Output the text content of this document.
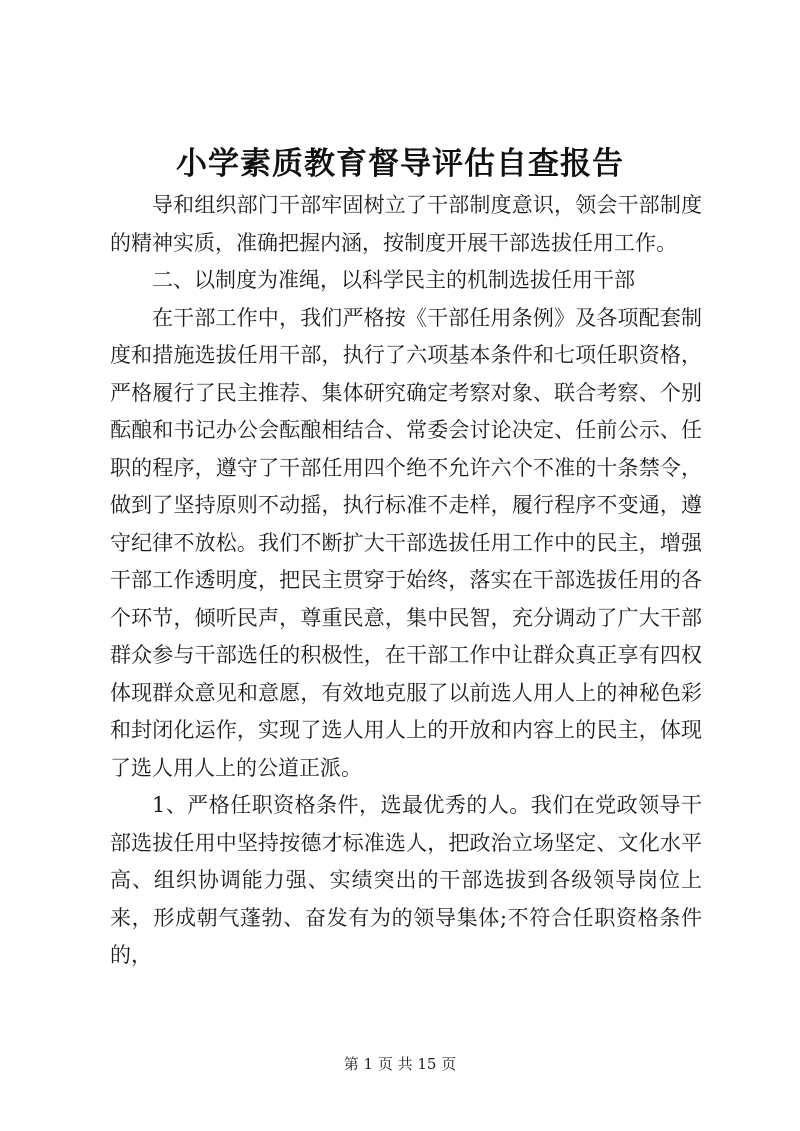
小学素质教育督导评估自查报告

导和组织部门干部牢固树立了干部制度意识，领会干部制度的精神实质，准确把握内涵，按制度开展干部选拔任用工作。

二、以制度为准绳，以科学民主的机制选拔任用干部

在干部工作中，我们严格按《干部任用条例》及各项配套制度和措施选拔任用干部，执行了六项基本条件和七项任职资格，严格履行了民主推荐、集体研究确定考察对象、联合考察、个别酝酿和书记办公会酝酿相结合、常委会讨论决定、任前公示、任职的程序，遵守了干部任用四个绝不允许六个不准的十条禁令，做到了坚持原则不动摇，执行标准不走样，履行程序不变通，遵守纪律不放松。我们不断扩大干部选拔任用工作中的民主，增强干部工作透明度，把民主贯穿于始终，落实在干部选拔任用的各个环节，倾听民声，尊重民意，集中民智，充分调动了广大干部群众参与干部选任的积极性，在干部工作中让群众真正享有四权体现群众意见和意愿，有效地克服了以前选人用人上的神秘色彩和封闭化运作，实现了选人用人上的开放和内容上的民主，体现了选人用人上的公道正派。

1、严格任职资格条件，选最优秀的人。我们在党政领导干部选拔任用中坚持按德才标准选人，把政治立场坚定、文化水平高、组织协调能力强、实绩突出的干部选拔到各级领导岗位上来，形成朝气蓬勃、奋发有为的领导集体;不符合任职资格条件的，

第 1 页 共 15 页
